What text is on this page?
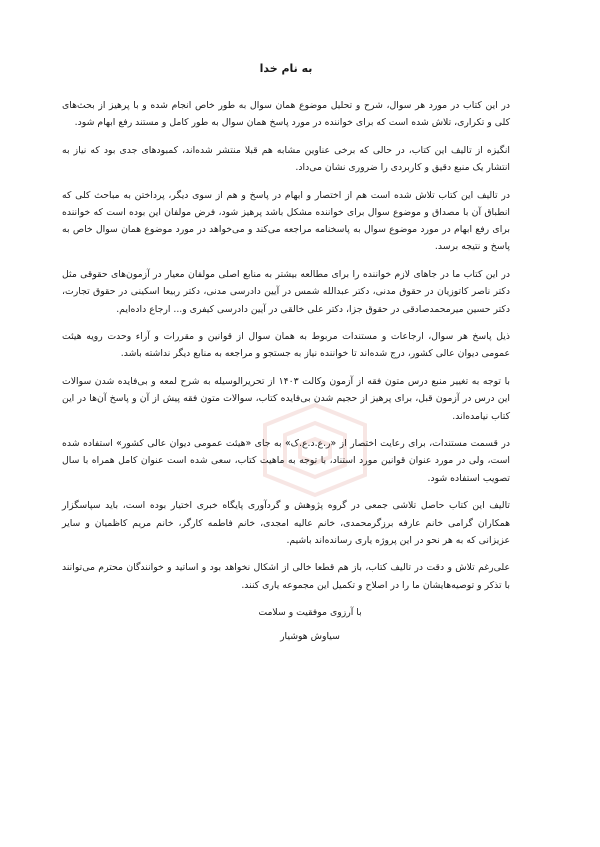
به نام خدا

در این کتاب در مورد هر سوال، شرح و تحلیل موضوع همان سوال به طور خاص انجام شده و با پرهیز از بحث‌های کلی و تکراری، تلاش شده است که برای خواننده در مورد پاسخ همان سوال به طور کامل و مستند رفع ابهام شود.

انگیزه از تالیف این کتاب، در حالی که برخی عناوین مشابه هم قبلا منتشر شده‌اند، کمبودهای جدی بود که نیاز به انتشار یک منبع دقیق و کاربردی را ضروری نشان می‌داد.

در تالیف این کتاب تلاش شده است هم از اختصار و ابهام در پاسخ و هم از سوی دیگر، پرداختن به مباحث کلی که انطباق آن با مصداق و موضوع سوال برای خواننده مشکل باشد پرهیز شود، فرض مولفان این بوده است که خواننده برای رفع ابهام در مورد موضوع سوال به پاسخنامه مراجعه می‌کند و می‌خواهد در مورد موضوع همان سوال خاص به پاسخ و نتیجه برسد.

در این کتاب ما در جاهای لازم خواننده را برای مطالعه بیشتر به منابع اصلی مولفان معیار در آزمون‌های حقوقی مثل دکتر ناصر کاتوزیان در حقوق مدنی، دکتر عبدالله شمس در آیین دادرسی مدنی، دکتر ربیعا اسکینی در حقوق تجارت، دکتر حسین میرمحمدصادقی در حقوق جزا، دکتر علی خالقی در آیین دادرسی کیفری و... ارجاع داده‌ایم.

ذیل پاسخ هر سوال، ارجاعات و مستندات مربوط به همان سوال از قوانین و مقررات و آراء وحدت رویه هیئت عمومی دیوان عالی کشور، درج شده‌اند تا خواننده نیاز به جستجو و مراجعه به منابع دیگر نداشته باشد.

با توجه به تغییر منبع درس متون فقه از آزمون وکالت ۱۴۰۳ از تحریرالوسیله به شرح لمعه و بی‌فایده شدن سوالات این درس در آزمون قبل، برای پرهیز از حجیم شدن بی‌فایده کتاب، سوالات متون فقه پیش از آن و پاسخ آن‌ها در این کتاب نیامده‌اند.

در قسمت مستندات، برای رعایت اختصار از «ر.ع.د.ع.ک» به جای «هیئت عمومی دیوان عالی کشور» استفاده شده است، ولی در مورد عنوان قوانین مورد استناد، با توجه به ماهیت کتاب، سعی شده است عنوان کامل همراه با سال تصویب استفاده شود.

تالیف این کتاب حاصل تلاشی جمعی در گروه پژوهش و گردآوری پایگاه خبری اختیار بوده است، باید سپاسگزار همکاران گرامی خانم عارفه برزگرمحمدی، خانم عالیه امجدی، خانم فاطمه کارگر، خانم مریم کاظمیان و سایر عزیزانی که به هر نحو در این پروژه یاری رسانده‌اند باشیم.

علی‌رغم تلاش و دقت در تالیف کتاب، باز هم قطعا خالی از اشکال نخواهد بود و اساتید و خوانندگان محترم می‌توانند با تذکر و توصیه‌هایشان ما را در اصلاح و تکمیل این مجموعه یاری کنند.

با آرزوی موفقیت و سلامت
سیاوش هوشیار
